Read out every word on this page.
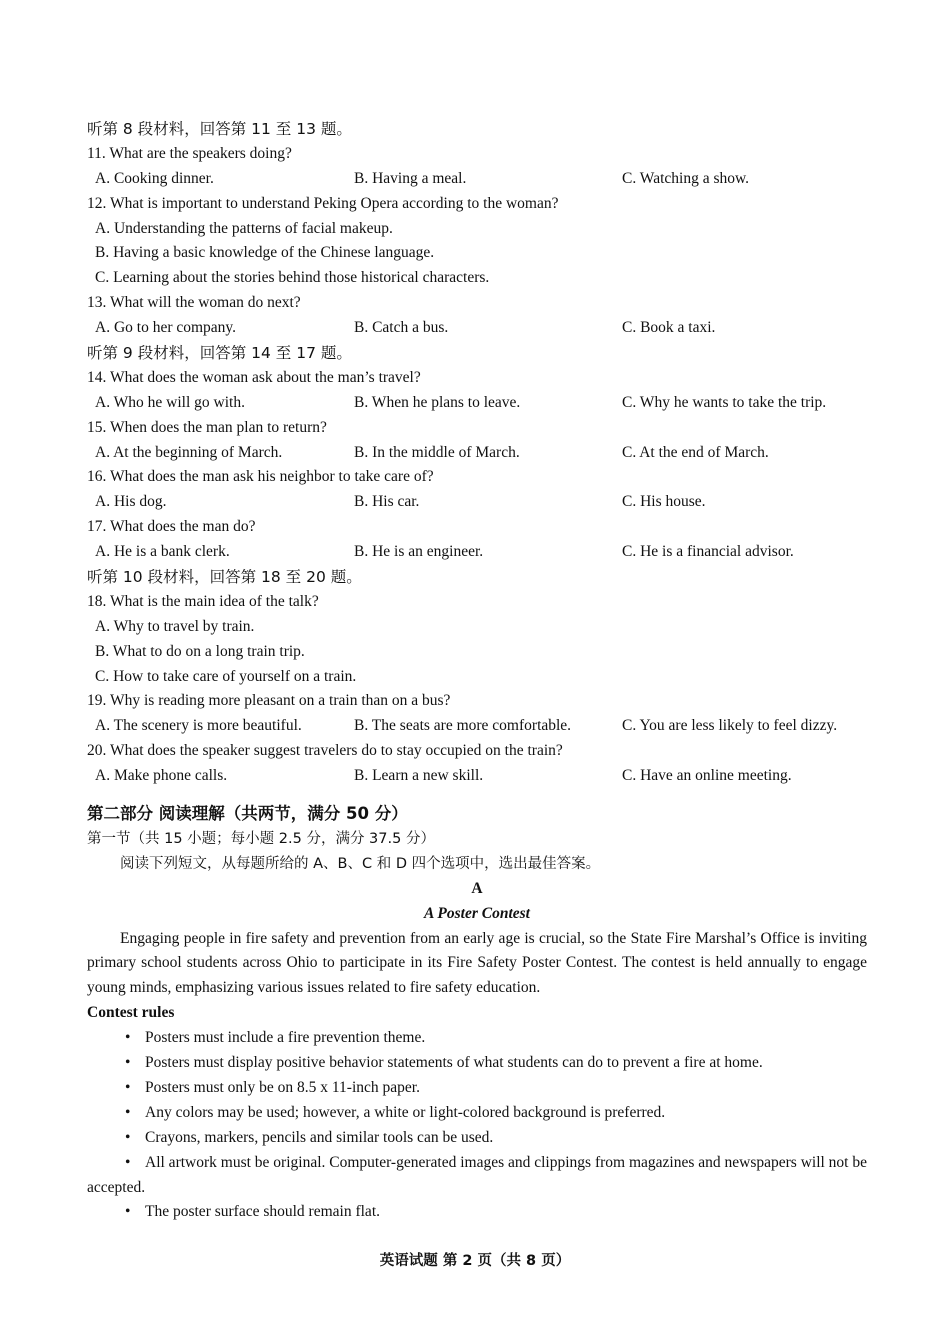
听第 8 段材料，回答第 11 至 13 题。
11. What are the speakers doing?
A. Cooking dinner.	B. Having a meal.	C. Watching a show.
12. What is important to understand Peking Opera according to the woman?
A. Understanding the patterns of facial makeup.
B. Having a basic knowledge of the Chinese language.
C. Learning about the stories behind those historical characters.
13. What will the woman do next?
A. Go to her company.	B. Catch a bus.	C. Book a taxi.
听第 9 段材料，回答第 14 至 17 题。
14. What does the woman ask about the man’s travel?
A. Who he will go with.	B. When he plans to leave.	C. Why he wants to take the trip.
15. When does the man plan to return?
A. At the beginning of March.	B. In the middle of March.	C. At the end of March.
16. What does the man ask his neighbor to take care of?
A. His dog.	B. His car.	C. His house.
17. What does the man do?
A. He is a bank clerk.	B. He is an engineer.	C. He is a financial advisor.
听第 10 段材料，回答第 18 至 20 题。
18. What is the main idea of the talk?
A. Why to travel by train.
B. What to do on a long train trip.
C. How to take care of yourself on a train.
19. Why is reading more pleasant on a train than on a bus?
A. The scenery is more beautiful.	B. The seats are more comfortable.	C. You are less likely to feel dizzy.
20. What does the speaker suggest travelers do to stay occupied on the train?
A. Make phone calls.	B. Learn a new skill.	C. Have an online meeting.
第二部分 阅读理解（共两节，满分 50 分）
第一节（共 15 小题；每小题 2.5 分，满分 37.5 分）
阅读下列短文，从每题所给的 A、B、C 和 D 四个选项中，选出最佳答案。
A
A Poster Contest
Engaging people in fire safety and prevention from an early age is crucial, so the State Fire Marshal’s Office is inviting primary school students across Ohio to participate in its Fire Safety Poster Contest. The contest is held annually to engage young minds, emphasizing various issues related to fire safety education.
Contest rules
• Posters must include a fire prevention theme.
• Posters must display positive behavior statements of what students can do to prevent a fire at home.
• Posters must only be on 8.5 x 11-inch paper.
• Any colors may be used; however, a white or light-colored background is preferred.
• Crayons, markers, pencils and similar tools can be used.
• All artwork must be original. Computer-generated images and clippings from magazines and newspapers will not be accepted.
• The poster surface should remain flat.
英语试题 第 2 页（共 8 页）
